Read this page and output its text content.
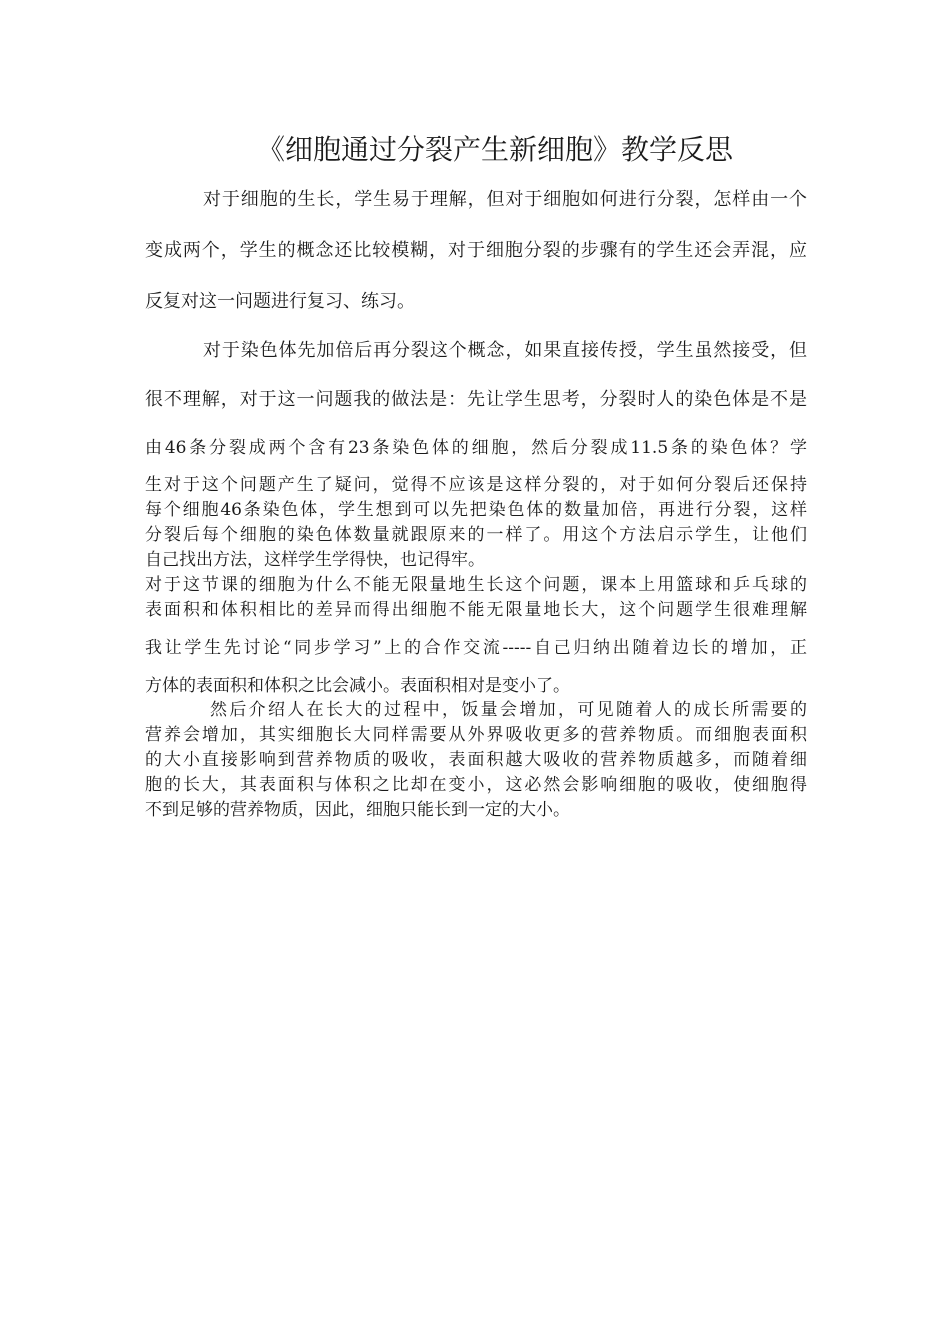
《细胞通过分裂产生新细胞》教学反思
对于细胞的生长，学生易于理解，但对于细胞如何进行分裂，怎样由一个
变成两个，学生的概念还比较模糊，对于细胞分裂的步骤有的学生还会弄混，应
反复对这一问题进行复习、练习。
对于染色体先加倍后再分裂这个概念，如果直接传授，学生虽然接受，但
很不理解，对于这一问题我的做法是：先让学生思考，分裂时人的染色体是不是
由46条分裂成两个含有23条染色体的细胞，然后分裂成11.5条的染色体？学
生对于这个问题产生了疑问，觉得不应该是这样分裂的，对于如何分裂后还保持
每个细胞46条染色体，学生想到可以先把染色体的数量加倍，再进行分裂，这样
分裂后每个细胞的染色体数量就跟原来的一样了。用这个方法启示学生，让他们
自己找出方法，这样学生学得快，也记得牢。
对于这节课的细胞为什么不能无限量地生长这个问题，课本上用篮球和乒乓球的
表面积和体积相比的差异而得出细胞不能无限量地长大，这个问题学生很难理解
我让学生先讨论“同步学习”上的合作交流-----自己归纳出随着边长的增加，正
方体的表面积和体积之比会减小。表面积相对是变小了。
然后介绍人在长大的过程中，饭量会增加，可见随着人的成长所需要的
营养会增加，其实细胞长大同样需要从外界吸收更多的营养物质。而细胞表面积
的大小直接影响到营养物质的吸收，表面积越大吸收的营养物质越多，而随着细
胞的长大，其表面积与体积之比却在变小，这必然会影响细胞的吸收，使细胞得
不到足够的营养物质，因此，细胞只能长到一定的大小。
